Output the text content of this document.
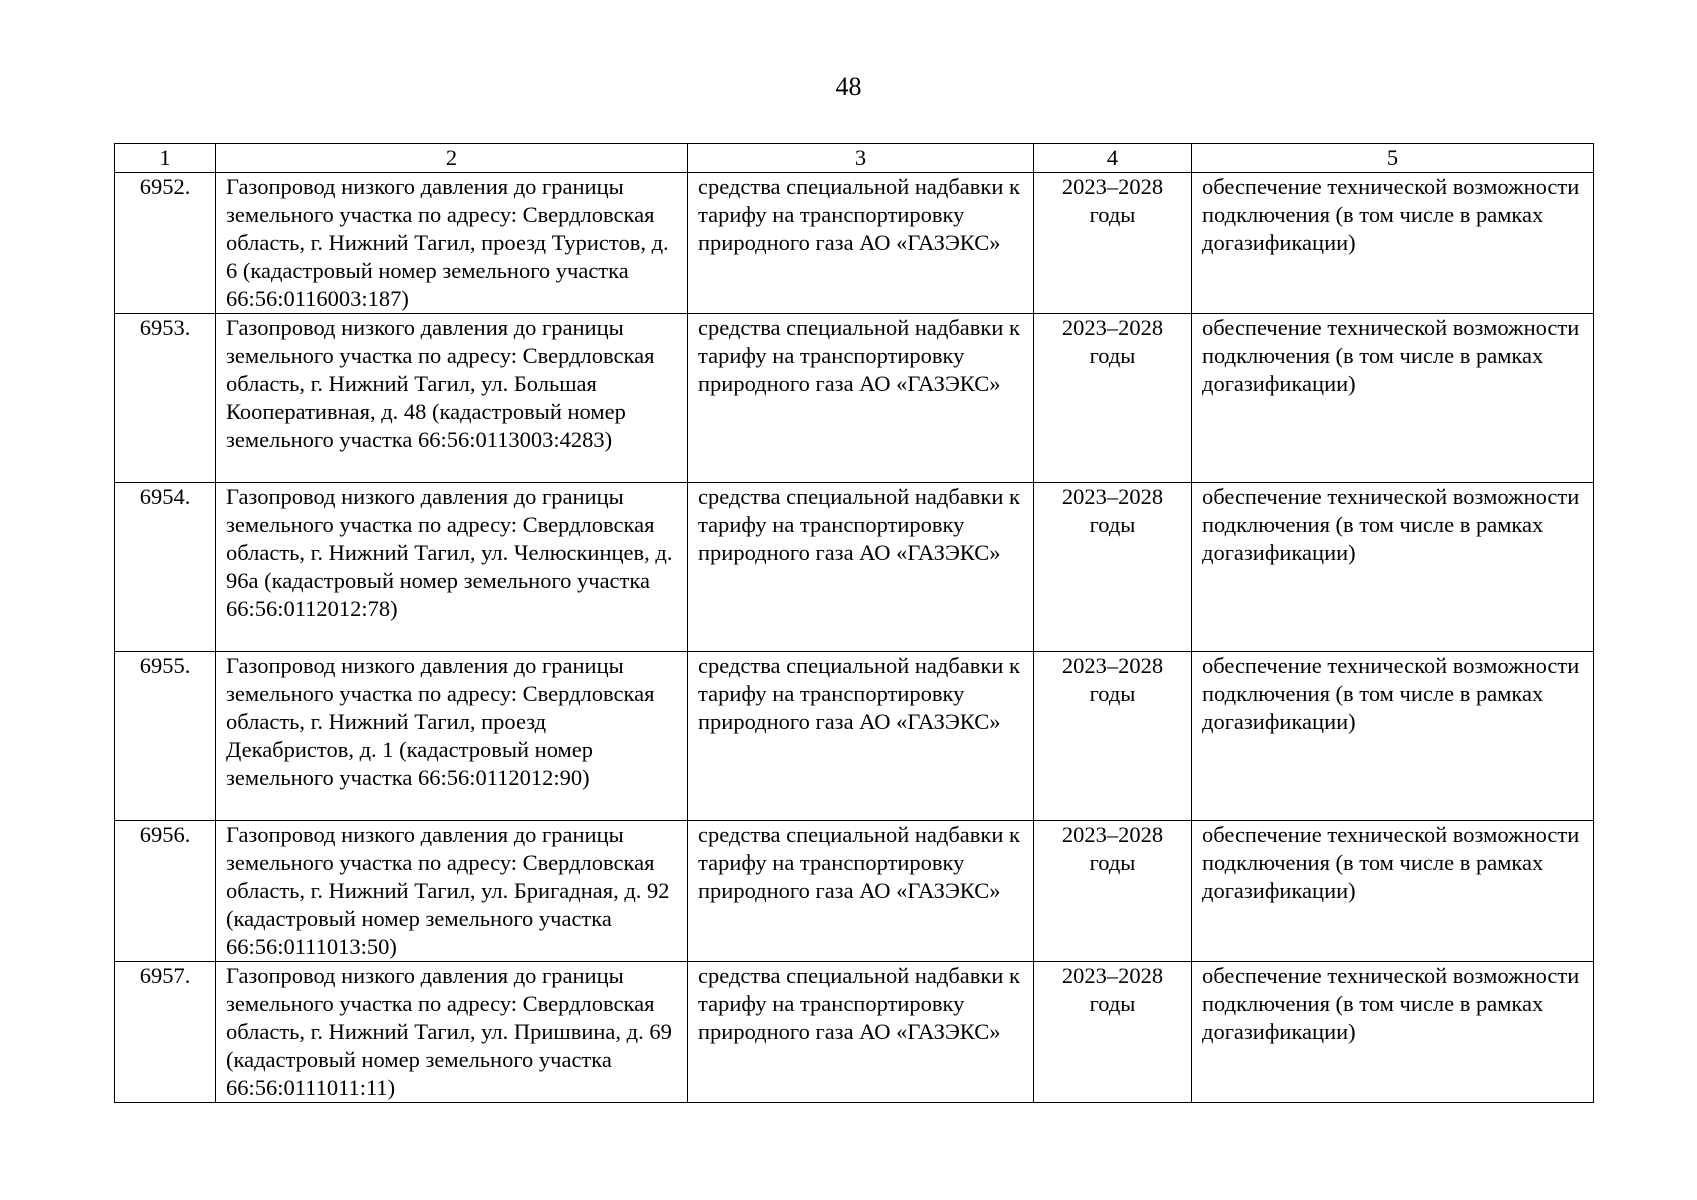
48
1	2	3	4	5
6952.	Газопровод низкого давления до границы земельного участка по адресу: Свердловская область, г. Нижний Тагил, проезд Туристов, д. 6 (кадастровый номер земельного участка 66:56:0116003:187)	средства специальной надбавки к тарифу на транспортировку природного газа АО «ГАЗЭКС»	2023–2028 годы	обеспечение технической возможности подключения (в том числе в рамках догазификации)
6953.	Газопровод низкого давления до границы земельного участка по адресу: Свердловская область, г. Нижний Тагил, ул. Большая Кооперативная, д. 48 (кадастровый номер земельного участка 66:56:0113003:4283)	средства специальной надбавки к тарифу на транспортировку природного газа АО «ГАЗЭКС»	2023–2028 годы	обеспечение технической возможности подключения (в том числе в рамках догазификации)
6954.	Газопровод низкого давления до границы земельного участка по адресу: Свердловская область, г. Нижний Тагил, ул. Челюскинцев, д. 96а (кадастровый номер земельного участка 66:56:0112012:78)	средства специальной надбавки к тарифу на транспортировку природного газа АО «ГАЗЭКС»	2023–2028 годы	обеспечение технической возможности подключения (в том числе в рамках догазификации)
6955.	Газопровод низкого давления до границы земельного участка по адресу: Свердловская область, г. Нижний Тагил, проезд Декабристов, д. 1 (кадастровый номер земельного участка 66:56:0112012:90)	средства специальной надбавки к тарифу на транспортировку природного газа АО «ГАЗЭКС»	2023–2028 годы	обеспечение технической возможности подключения (в том числе в рамках догазификации)
6956.	Газопровод низкого давления до границы земельного участка по адресу: Свердловская область, г. Нижний Тагил, ул. Бригадная, д. 92 (кадастровый номер земельного участка 66:56:0111013:50)	средства специальной надбавки к тарифу на транспортировку природного газа АО «ГАЗЭКС»	2023–2028 годы	обеспечение технической возможности подключения (в том числе в рамках догазификации)
6957.	Газопровод низкого давления до границы земельного участка по адресу: Свердловская область, г. Нижний Тагил, ул. Пришвина, д. 69 (кадастровый номер земельного участка 66:56:0111011:11)	средства специальной надбавки к тарифу на транспортировку природного газа АО «ГАЗЭКС»	2023–2028 годы	обеспечение технической возможности подключения (в том числе в рамках догазификации)
